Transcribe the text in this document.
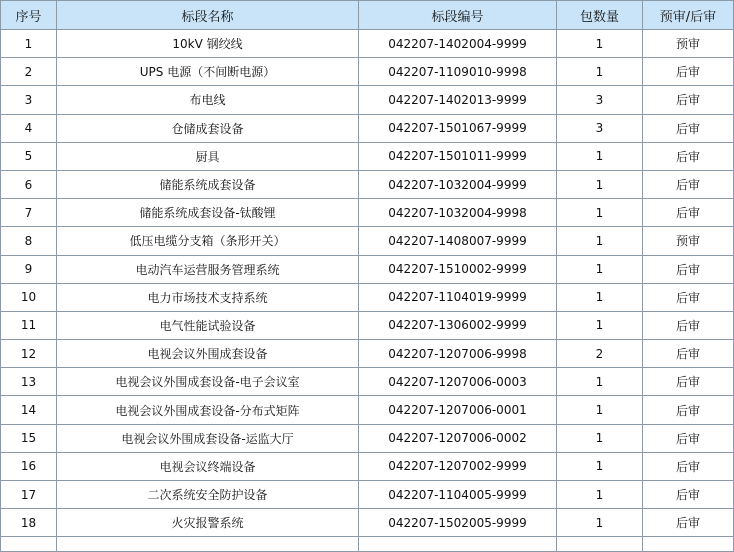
序号	标段名称	标段编号	包数量	预审/后审
1	10kV 钢绞线	042207-1402004-9999	1	预审
2	UPS 电源（不间断电源）	042207-1109010-9998	1	后审
3	布电线	042207-1402013-9999	3	后审
4	仓储成套设备	042207-1501067-9999	3	后审
5	厨具	042207-1501011-9999	1	后审
6	储能系统成套设备	042207-1032004-9999	1	后审
7	储能系统成套设备-钛酸锂	042207-1032004-9998	1	后审
8	低压电缆分支箱（条形开关）	042207-1408007-9999	1	预审
9	电动汽车运营服务管理系统	042207-1510002-9999	1	后审
10	电力市场技术支持系统	042207-1104019-9999	1	后审
11	电气性能试验设备	042207-1306002-9999	1	后审
12	电视会议外围成套设备	042207-1207006-9998	2	后审
13	电视会议外围成套设备-电子会议室	042207-1207006-0003	1	后审
14	电视会议外围成套设备-分布式矩阵	042207-1207006-0001	1	后审
15	电视会议外围成套设备-运监大厅	042207-1207006-0002	1	后审
16	电视会议终端设备	042207-1207002-9999	1	后审
17	二次系统安全防护设备	042207-1104005-9999	1	后审
18	火灾报警系统	042207-1502005-9999	1	后审
